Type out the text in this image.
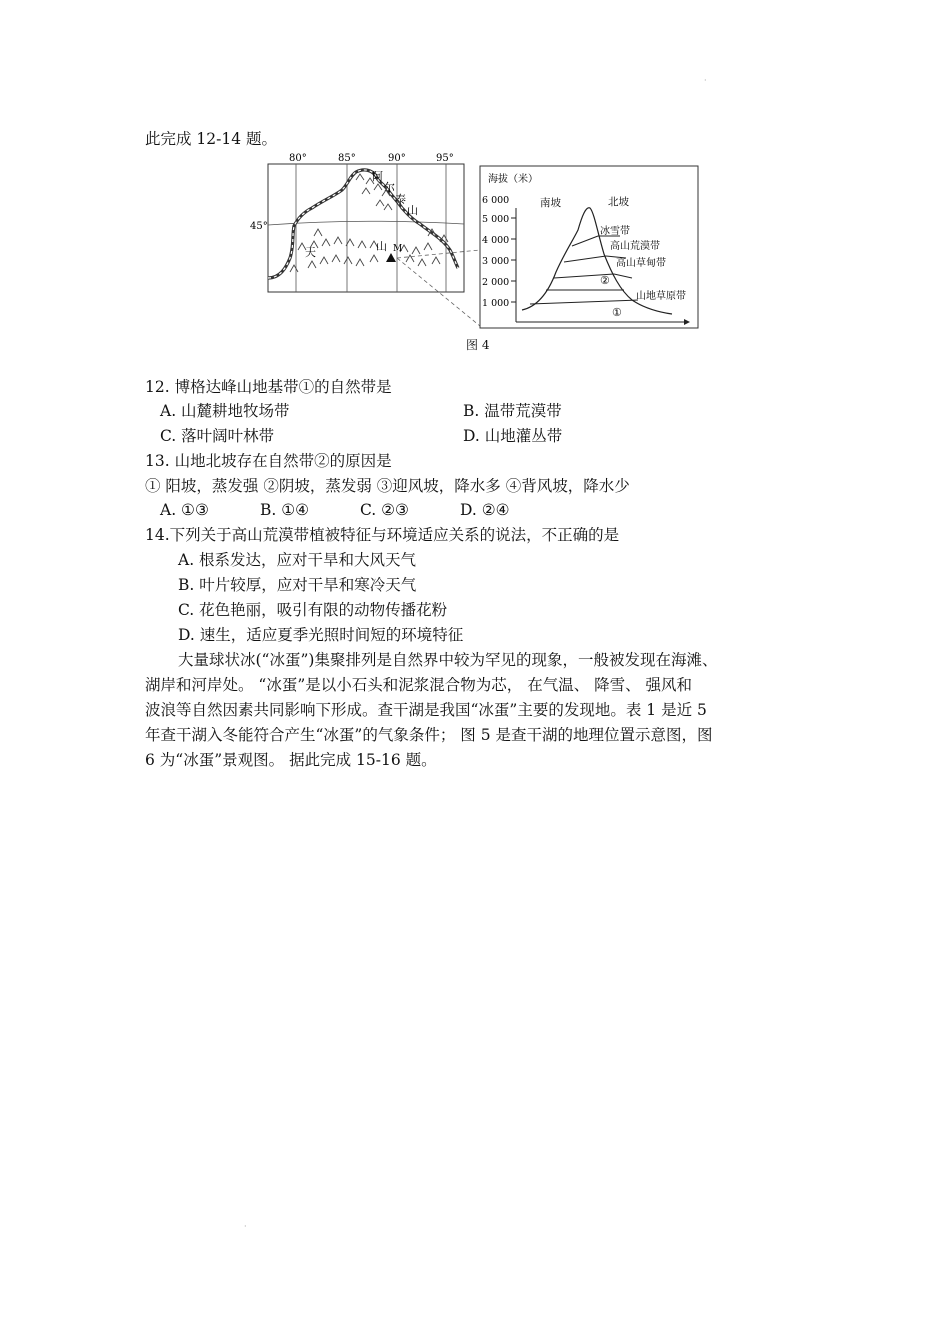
·
此完成 12-14 题。
80°	85°	90°	95°
45°
阿
尔
泰
山
天	山 M
海拔（米）
6 000
5 000
4 000
3 000
2 000
1 000
南坡	北坡
冰雪带
高山荒漠带
高山草甸带
山地草原带
②
①
图 4
12. 博格达峰山地基带①的自然带是
A. 山麓耕地牧场带	B. 温带荒漠带
C. 落叶阔叶林带	D. 山地灌丛带
13. 山地北坡存在自然带②的原因是
① 阳坡，蒸发强 ②阴坡，蒸发弱 ③迎风坡，降水多 ④背风坡，降水少
A. ①③	B. ①④	C. ②③	D. ②④
14.下列关于高山荒漠带植被特征与环境适应关系的说法，不正确的是
A. 根系发达，应对干旱和大风天气
B. 叶片较厚，应对干旱和寒冷天气
C. 花色艳丽，吸引有限的动物传播花粉
D. 速生，适应夏季光照时间短的环境特征
大量球状冰(“冰蛋”)集聚排列是自然界中较为罕见的现象，一般被发现在海滩、
湖岸和河岸处。 “冰蛋”是以小石头和泥浆混合物为芯， 在气温、 降雪、 强风和
波浪等自然因素共同影响下形成。查干湖是我国“冰蛋”主要的发现地。表 1 是近 5
年查干湖入冬能符合产生“冰蛋”的气象条件； 图 5 是查干湖的地理位置示意图，图
6 为“冰蛋”景观图。 据此完成 15-16 题。
·
